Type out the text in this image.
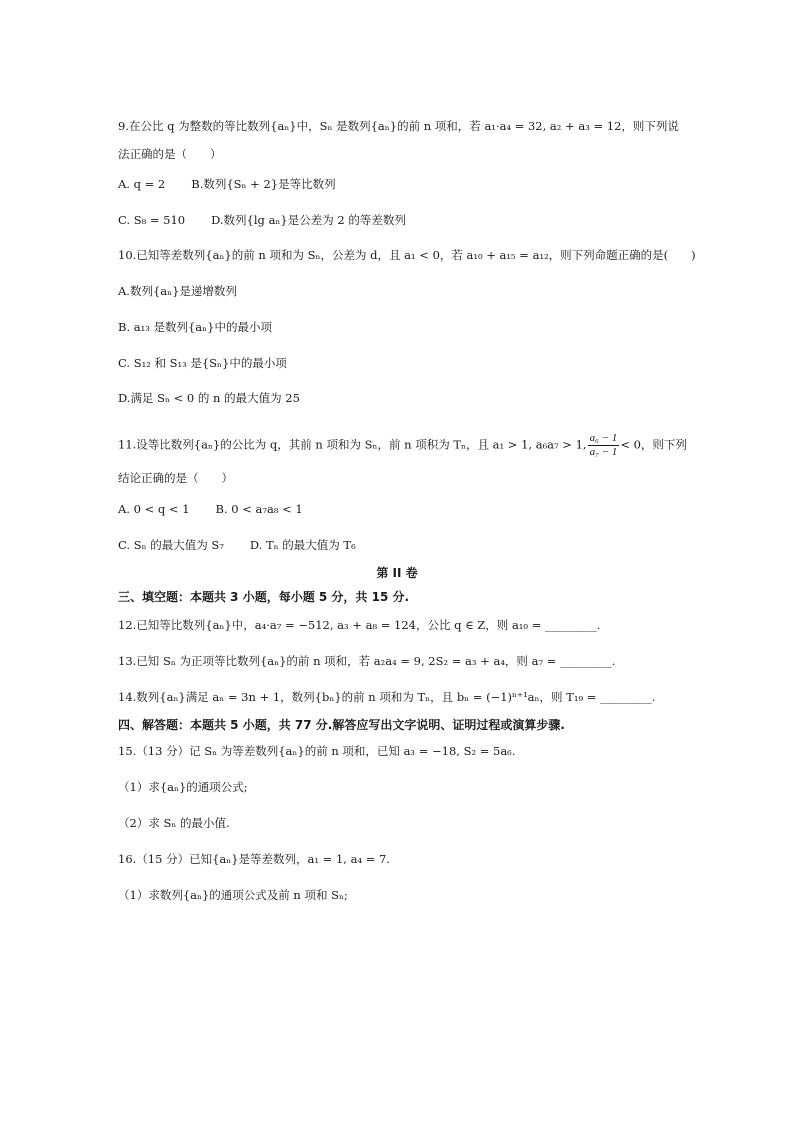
9.在公比 q 为整数的等比数列{aₙ}中，Sₙ 是数列{aₙ}的前 n 项和，若 a₁·a₄ = 32, a₂ + a₃ = 12，则下列说

法正确的是（　　）

A. q = 2 B.数列{Sₙ + 2}是等比数列

C. S₈ = 510 D.数列{lg aₙ}是公差为 2 的等差数列

10.已知等差数列{aₙ}的前 n 项和为 Sₙ，公差为 d，且 a₁ < 0，若 a₁₀ + a₁₅ = a₁₂，则下列命题正确的是(　　)

A.数列{aₙ}是递增数列

B. a₁₃ 是数列{aₙ}中的最小项

C. S₁₂ 和 S₁₃ 是{Sₙ}中的最小项

D.满足 Sₙ < 0 的 n 的最大值为 25

11.设等比数列{aₙ}的公比为 q，其前 n 项和为 Sₙ，前 n 项积为 Tₙ，且 a₁ > 1, a₆a₇ > 1, $\frac{\text{a₆ − 1}}{\text{a₇ − 1}} < 0$，则下列

结论正确的是（　　）

A. 0 < q < 1 B. 0 < a₇a₈ < 1

C. Sₙ 的最大值为 S₇ D. Tₙ 的最大值为 T₆

第 II 卷

三、填空题：本题共 3 小题，每小题 5 分，共 15 分.

12.已知等比数列{aₙ}中，a₄·a₇ = −512, a₃ + a₈ = 124，公比 q ∈ Z，则 a₁₀ = _________.

13.已知 Sₙ 为正项等比数列{aₙ}的前 n 项和，若 a₂a₄ = 9, 2S₂ = a₃ + a₄，则 a₇ = _________.

14.数列{aₙ}满足 aₙ = 3n + 1，数列{bₙ}的前 n 项和为 Tₙ，且 bₙ = (−1)ⁿ⁺¹aₙ，则 T₁₉ = _________.

四、解答题：本题共 5 小题，共 77 分.解答应写出文字说明、证明过程或演算步骤.

15.（13 分）记 Sₙ 为等差数列{aₙ}的前 n 项和，已知 a₃ = −18, S₂ = 5a₆.

（1）求{aₙ}的通项公式;

（2）求 Sₙ 的最小值.

16.（15 分）已知{aₙ}是等差数列，a₁ = 1, a₄ = 7.

（1）求数列{aₙ}的通项公式及前 n 项和 Sₙ;
